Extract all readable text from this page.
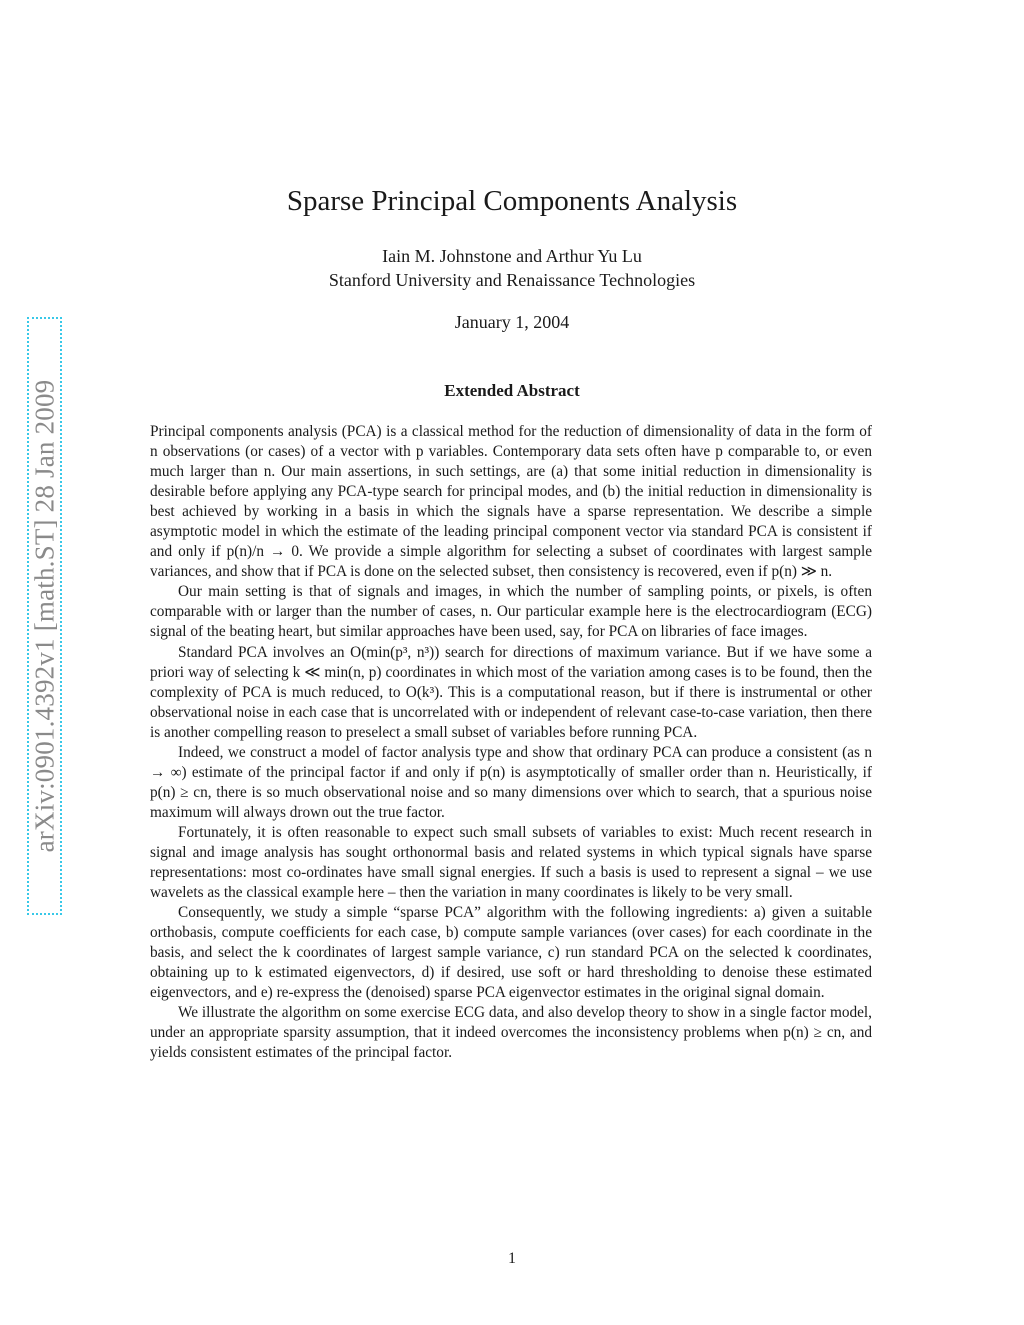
arXiv:0901.4392v1 [math.ST] 28 Jan 2009
Sparse Principal Components Analysis
Iain M. Johnstone and Arthur Yu Lu
Stanford University and Renaissance Technologies
January 1, 2004
Extended Abstract

Principal components analysis (PCA) is a classical method for the reduction of dimensionality of data in the form of n observations (or cases) of a vector with p variables. Contemporary data sets often have p comparable to, or even much larger than n. Our main assertions, in such settings, are (a) that some initial reduction in dimensionality is desirable before applying any PCA-type search for principal modes, and (b) the initial reduction in dimensionality is best achieved by working in a basis in which the signals have a sparse representation. We describe a simple asymptotic model in which the estimate of the leading principal component vector via standard PCA is consistent if and only if p(n)/n → 0. We provide a simple algorithm for selecting a subset of coordinates with largest sample variances, and show that if PCA is done on the selected subset, then consistency is recovered, even if p(n) ≫ n.

Our main setting is that of signals and images, in which the number of sampling points, or pixels, is often comparable with or larger than the number of cases, n. Our particular example here is the electrocardiogram (ECG) signal of the beating heart, but similar approaches have been used, say, for PCA on libraries of face images.

Standard PCA involves an O(min(p³, n³)) search for directions of maximum variance. But if we have some a priori way of selecting k ≪ min(n, p) coordinates in which most of the variation among cases is to be found, then the complexity of PCA is much reduced, to O(k³). This is a computational reason, but if there is instrumental or other observational noise in each case that is uncorrelated with or independent of relevant case-to-case variation, then there is another compelling reason to preselect a small subset of variables before running PCA.

Indeed, we construct a model of factor analysis type and show that ordinary PCA can produce a consistent (as n → ∞) estimate of the principal factor if and only if p(n) is asymptotically of smaller order than n. Heuristically, if p(n) ≥ cn, there is so much observational noise and so many dimensions over which to search, that a spurious noise maximum will always drown out the true factor.

Fortunately, it is often reasonable to expect such small subsets of variables to exist: Much recent research in signal and image analysis has sought orthonormal basis and related systems in which typical signals have sparse representations: most co-ordinates have small signal energies. If such a basis is used to represent a signal – we use wavelets as the classical example here – then the variation in many coordinates is likely to be very small.

Consequently, we study a simple “sparse PCA” algorithm with the following ingredients: a) given a suitable orthobasis, compute coefficients for each case, b) compute sample variances (over cases) for each coordinate in the basis, and select the k coordinates of largest sample variance, c) run standard PCA on the selected k coordinates, obtaining up to k estimated eigenvectors, d) if desired, use soft or hard thresholding to denoise these estimated eigenvectors, and e) re-express the (denoised) sparse PCA eigenvector estimates in the original signal domain.

We illustrate the algorithm on some exercise ECG data, and also develop theory to show in a single factor model, under an appropriate sparsity assumption, that it indeed overcomes the inconsistency problems when p(n) ≥ cn, and yields consistent estimates of the principal factor.

1
